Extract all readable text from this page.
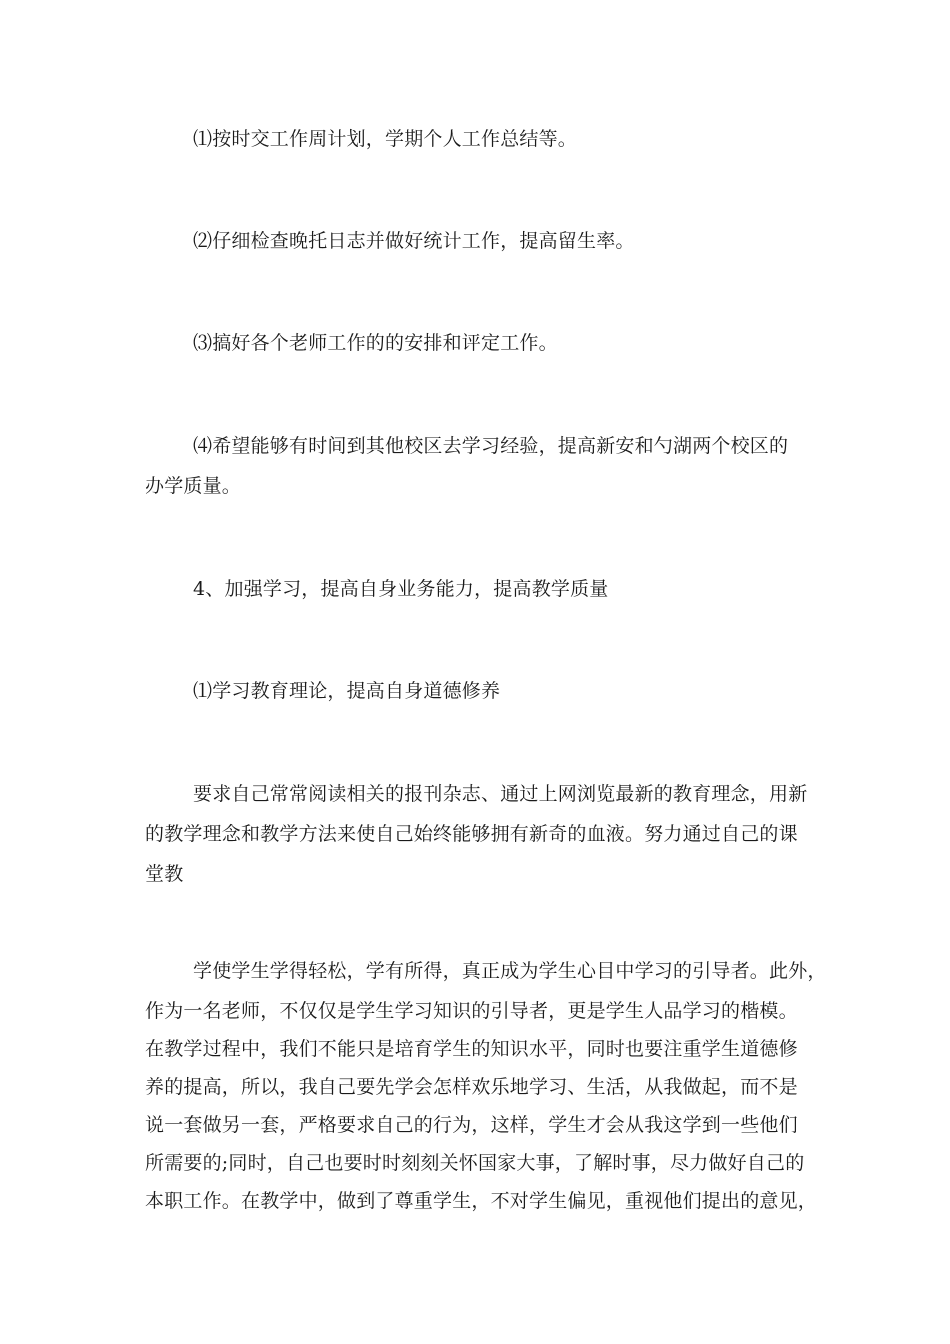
⑴按时交工作周计划，学期个人工作总结等。
⑵仔细检查晚托日志并做好统计工作，提高留生率。
⑶搞好各个老师工作的的安排和评定工作。
⑷希望能够有时间到其他校区去学习经验，提高新安和勺湖两个校区的
办学质量。
4、加强学习，提高自身业务能力，提高教学质量
⑴学习教育理论，提高自身道德修养
要求自己常常阅读相关的报刊杂志、通过上网浏览最新的教育理念，用新
的教学理念和教学方法来使自己始终能够拥有新奇的血液。努力通过自己的课
堂教
学使学生学得轻松，学有所得，真正成为学生心目中学习的引导者。此外，
作为一名老师，不仅仅是学生学习知识的引导者，更是学生人品学习的楷模。
在教学过程中，我们不能只是培育学生的知识水平，同时也要注重学生道德修
养的提高，所以，我自己要先学会怎样欢乐地学习、生活，从我做起，而不是
说一套做另一套，严格要求自己的行为，这样，学生才会从我这学到一些他们
所需要的;同时，自己也要时时刻刻关怀国家大事，了解时事，尽力做好自己的
本职工作。在教学中，做到了尊重学生，不对学生偏见，重视他们提出的意见，
